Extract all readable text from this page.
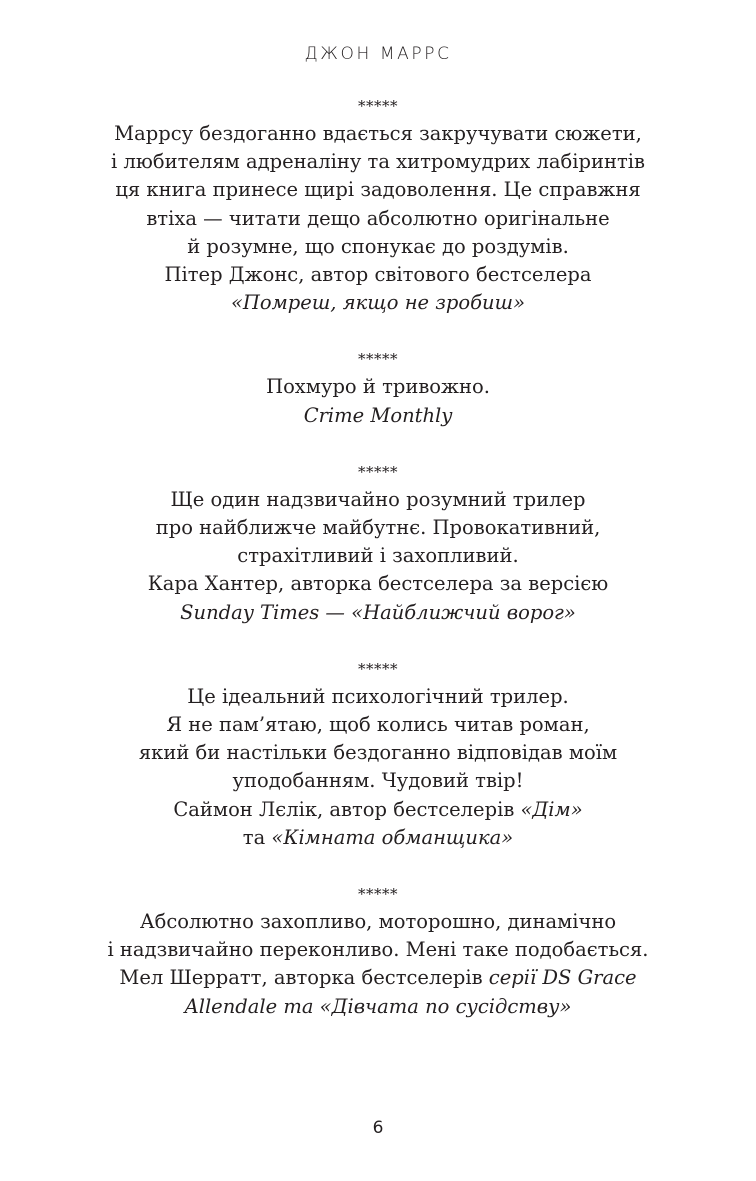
ДЖОН МАРРС
*****
Маррсу бездоганно вдається закручувати сюжети,
і любителям адреналіну та хитромудрих лабіринтів
ця книга принесе щирі задоволення. Це справжня
втіха — читати дещо абсолютно оригінальне
й розумне, що спонукає до роздумів.
Пітер Джонс, автор світового бестселера
«Помреш, якщо не зробиш»
*****
Похмуро й тривожно.
Crime Monthly
*****
Ще один надзвичайно розумний трилер
про найближче майбутнє. Провокативний,
страхітливий і захопливий.
Кара Хантер, авторка бестселера за версією
Sunday Times — «Найближчий ворог»
*****
Це ідеальний психологічний трилер.
Я не пам’ятаю, щоб колись читав роман,
який би настільки бездоганно відповідав моїм
уподобанням. Чудовий твір!
Саймон Лєлік, автор бестселерів «Дім»
та «Кімната обманщика»
*****
Абсолютно захопливо, моторошно, динамічно
і надзвичайно переконливо. Мені таке подобається.
Мел Шерратт, авторка бестселерів серії DS Grace
Allendale та «Дівчата по сусідству»
6
